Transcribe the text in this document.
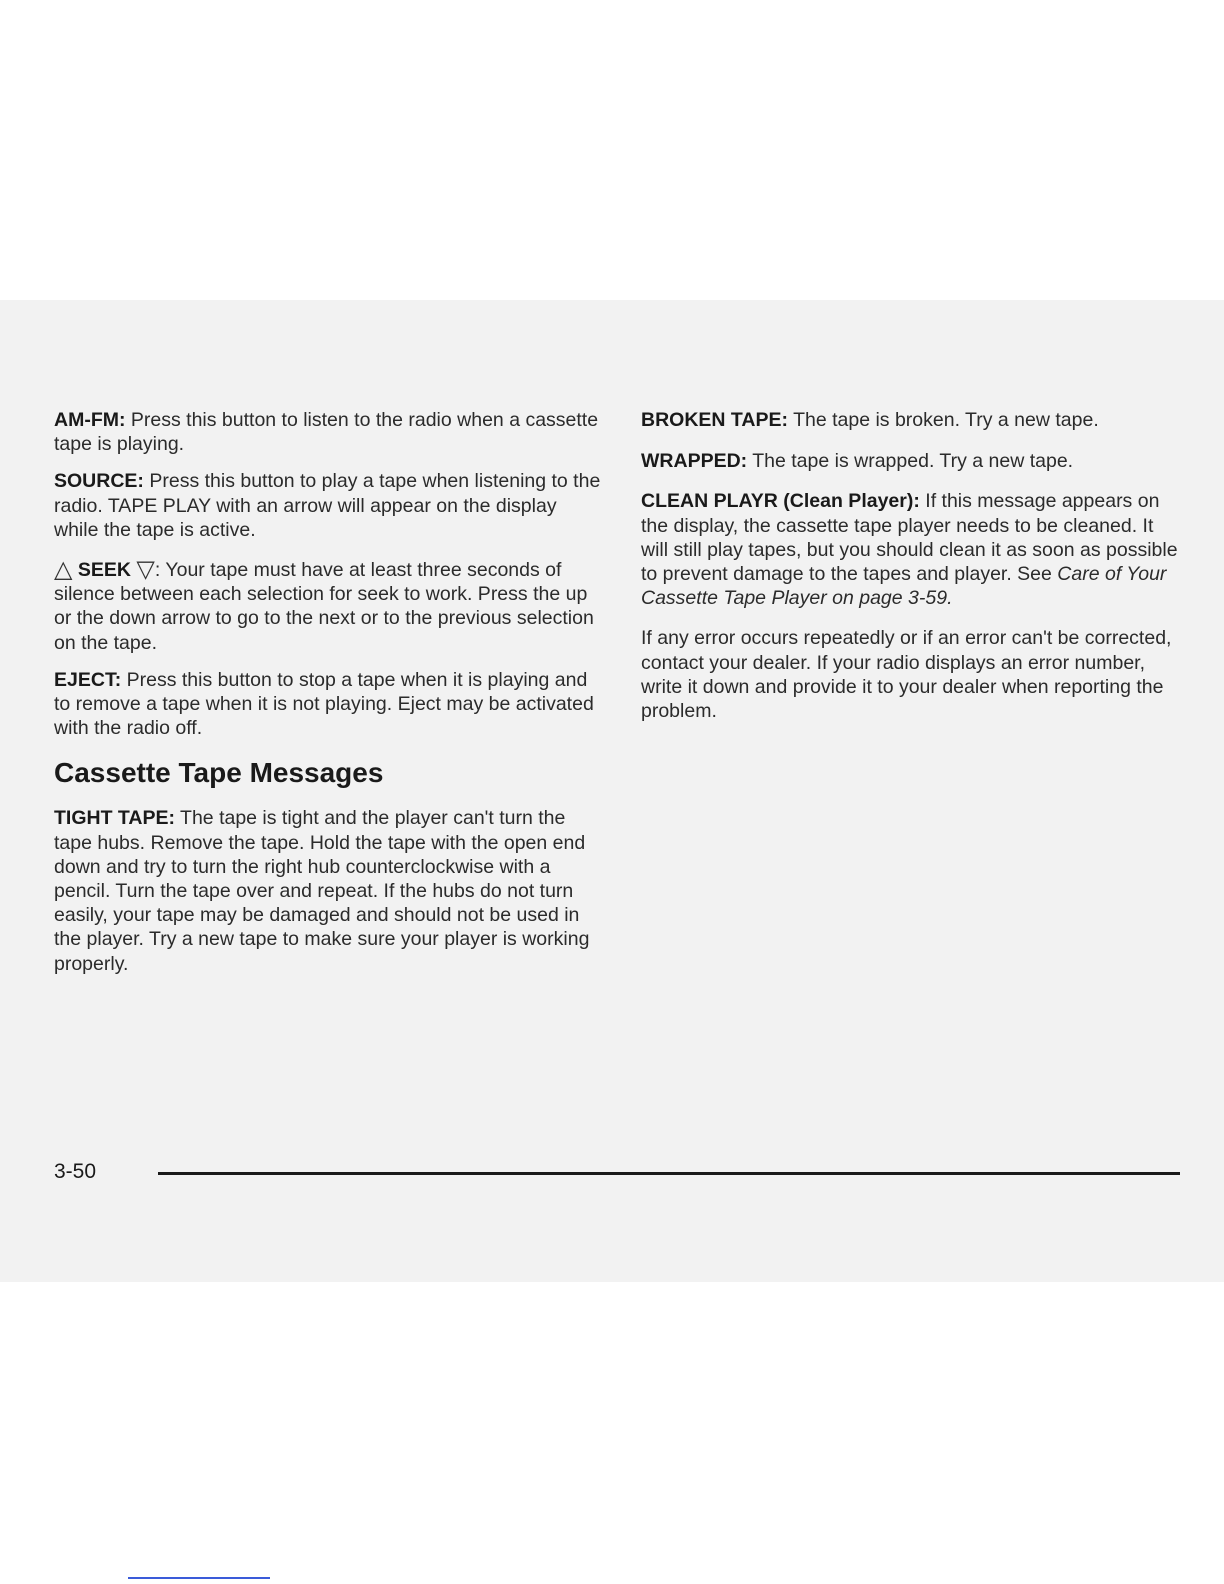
AM-FM: Press this button to listen to the radio when a cassette tape is playing.

SOURCE: Press this button to play a tape when listening to the radio. TAPE PLAY with an arrow will appear on the display while the tape is active.

△ SEEK ▽: Your tape must have at least three seconds of silence between each selection for seek to work. Press the up or the down arrow to go to the next or to the previous selection on the tape.

EJECT: Press this button to stop a tape when it is playing and to remove a tape when it is not playing. Eject may be activated with the radio off.

Cassette Tape Messages

TIGHT TAPE: The tape is tight and the player can't turn the tape hubs. Remove the tape. Hold the tape with the open end down and try to turn the right hub counterclockwise with a pencil. Turn the tape over and repeat. If the hubs do not turn easily, your tape may be damaged and should not be used in the player. Try a new tape to make sure your player is working properly.

BROKEN TAPE: The tape is broken. Try a new tape.

WRAPPED: The tape is wrapped. Try a new tape.

CLEAN PLAYR (Clean Player): If this message appears on the display, the cassette tape player needs to be cleaned. It will still play tapes, but you should clean it as soon as possible to prevent damage to the tapes and player. See Care of Your Cassette Tape Player on page 3-59.

If any error occurs repeatedly or if an error can't be corrected, contact your dealer. If your radio displays an error number, write it down and provide it to your dealer when reporting the problem.

3-50
